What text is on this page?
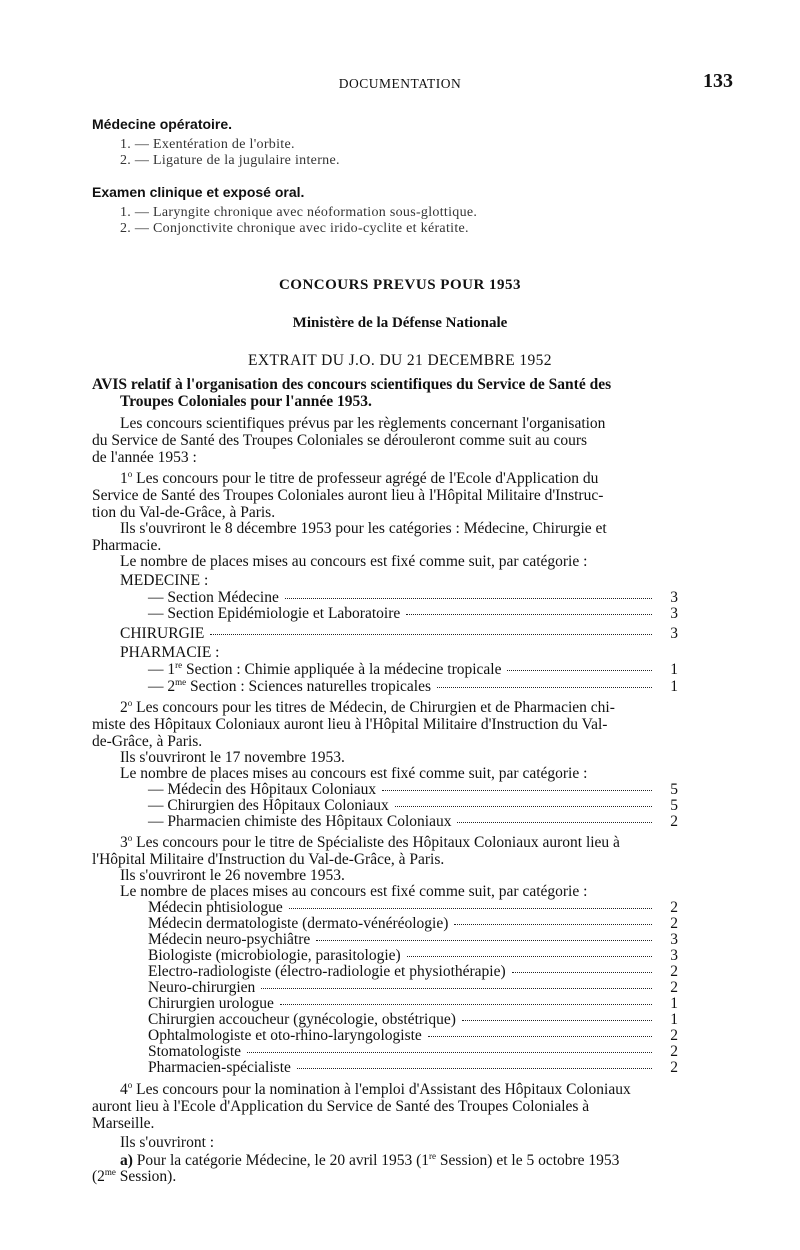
DOCUMENTATION	133
Médecine opératoire.
1. — Exentération de l'orbite.
2. — Ligature de la jugulaire interne.
Examen clinique et exposé oral.
1. — Laryngite chronique avec néoformation sous-glottique.
2. — Conjonctivite chronique avec irido-cyclite et kératite.
CONCOURS PREVUS POUR 1953
Ministère de la Défense Nationale
EXTRAIT DU J.O. DU 21 DECEMBRE 1952
AVIS relatif à l'organisation des concours scientifiques du Service de Santé des
Troupes Coloniales pour l'année 1953.
Les concours scientifiques prévus par les règlements concernant l'organisation
du Service de Santé des Troupes Coloniales se dérouleront comme suit au cours
de l'année 1953 :
1$^o$ Les concours pour le titre de professeur agrégé de l'Ecole d'Application du
Service de Santé des Troupes Coloniales auront lieu à l'Hôpital Militaire d'Instruc-
tion du Val-de-Grâce, à Paris.
Ils s'ouvriront le 8 décembre 1953 pour les catégories : Médecine, Chirurgie et
Pharmacie.
Le nombre de places mises au concours est fixé comme suit, par catégorie :
MEDECINE :
— Section Médecine	3
— Section Epidémiologie et Laboratoire	3
CHIRURGIE	3
PHARMACIE :
— 1re Section : Chimie appliquée à la médecine tropicale	1
— $2^{me}$ Section : Sciences naturelles tropicales	1
2$^o$ Les concours pour les titres de Médecin, de Chirurgien et de Pharmacien chi-
miste des Hôpitaux Coloniaux auront lieu à l'Hôpital Militaire d'Instruction du Val-
de-Grâce, à Paris.
Ils s'ouvriront le 17 novembre 1953.
Le nombre de places mises au concours est fixé comme suit, par catégorie :
— Médecin des Hôpitaux Coloniaux	5
— Chirurgien des Hôpitaux Coloniaux	5
— Pharmacien chimiste des Hôpitaux Coloniaux	2
3$^o$ Les concours pour le titre de Spécialiste des Hôpitaux Coloniaux auront lieu à
l'Hôpital Militaire d'Instruction du Val-de-Grâce, à Paris.
Ils s'ouvriront le 26 novembre 1953.
Le nombre de places mises au concours est fixé comme suit, par catégorie :
Médecin phtisiologue	2
Médecin dermatologiste (dermato-vénéréologie)	2
Médecin neuro-psychiâtre	3
Biologiste (microbiologie, parasitologie)	3
Electro-radiologiste (électro-radiologie et physiothérapie)	2
Neuro-chirurgien	2
Chirurgien urologue	1
Chirurgien accoucheur (gynécologie, obstétrique)	1
Ophtalmologiste et oto-rhino-laryngologiste	2
Stomatologiste	2
Pharmacien-spécialiste	2
4$^o$ Les concours pour la nomination à l'emploi d'Assistant des Hôpitaux Coloniaux
auront lieu à l'Ecole d'Application du Service de Santé des Troupes Coloniales à
Marseille.
Ils s'ouvriront :
a) Pour la catégorie Médecine, le 20 avril 1953 (1re Session) et le 5 octobre 1953
($2^{me}$ Session).
